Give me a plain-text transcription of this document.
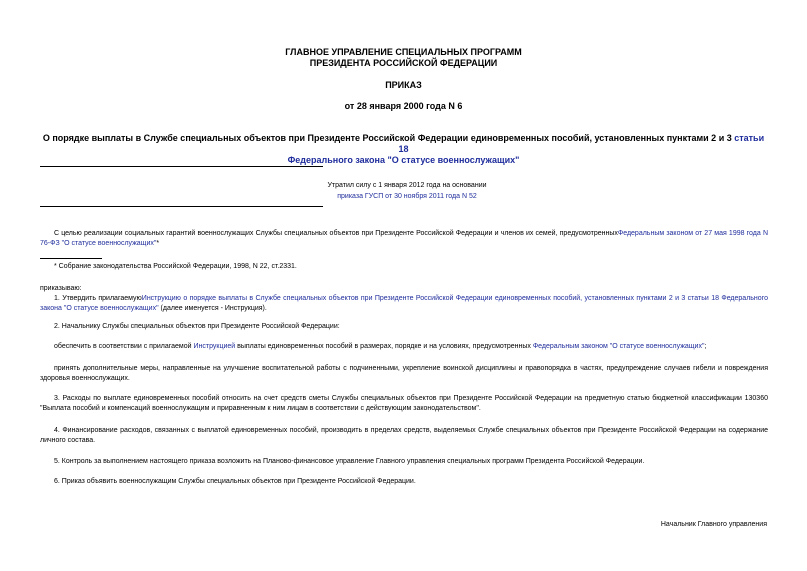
ГЛАВНОЕ УПРАВЛЕНИЕ СПЕЦИАЛЬНЫХ ПРОГРАММ
ПРЕЗИДЕНТА РОССИЙСКОЙ ФЕДЕРАЦИИ
ПРИКАЗ
от 28 января 2000 года N 6
О порядке выплаты в Службе специальных объектов при Президенте Российской Федерации единовременных пособий, установленных пунктами 2 и 3 статьи 18
Федерального закона "О статусе военнослужащих"
Утратил силу с 1 января 2012 года на основании
приказа ГУСП от 30 ноября 2011 года N 52
С целью реализации социальных гарантий военнослужащих Службы специальных объектов при Президенте Российской Федерации и членов их семей, предусмотренныхФедеральным законом от 27 мая 1998 года N 76-ФЗ "О статусе военнослужащих"*
* Собрание законодательства Российской Федерации, 1998, N 22, ст.2331.
приказываю:
1. Утвердить прилагаемуюИнструкцию о порядке выплаты в Службе специальных объектов при Президенте Российской Федерации единовременных пособий, установленных пунктами 2 и 3 статьи 18 Федерального закона "О статусе военнослужащих" (далее именуется - Инструкция).
2. Начальнику Службы специальных объектов при Президенте Российской Федерации:
обеспечить в соответствии с прилагаемой Инструкцией выплаты единовременных пособий в размерах, порядке и на условиях, предусмотренных Федеральным законом "О статусе военнослужащих";
принять дополнительные меры, направленные на улучшение воспитательной работы с подчиненными, укрепление воинской дисциплины и правопорядка в частях, предупреждение случаев гибели и повреждения здоровья военнослужащих.
3. Расходы по выплате единовременных пособий относить на счет средств сметы Службы специальных объектов при Президенте Российской Федерации на предметную статью бюджетной классификации 130360 "Выплата пособий и компенсаций военнослужащим и приравненным к ним лицам в соответствии с действующим законодательством".
4. Финансирование расходов, связанных с выплатой единовременных пособий, производить в пределах средств, выделяемых Службе специальных объектов при Президенте Российской Федерации на содержание личного состава.
5. Контроль за выполнением настоящего приказа возложить на Планово-финансовое управление Главного управления специальных программ Президента Российской Федерации.
6. Приказ объявить военнослужащим Службы специальных объектов при Президенте Российской Федерации.
Начальник Главного управления
